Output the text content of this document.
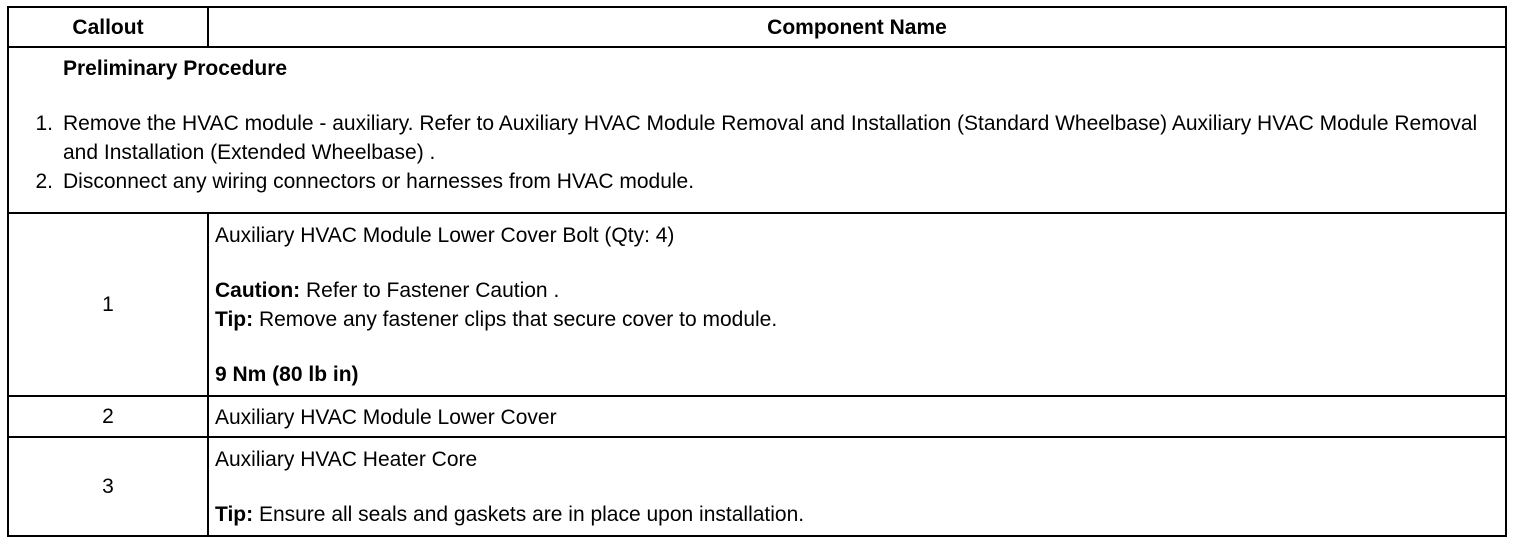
Callout	Component Name

Preliminary Procedure
1. Remove the HVAC module - auxiliary. Refer to Auxiliary HVAC Module Removal and Installation (Standard Wheelbase) Auxiliary HVAC Module Removal and Installation (Extended Wheelbase) .
2. Disconnect any wiring connectors or harnesses from HVAC module.	

1	Auxiliary HVAC Module Lower Cover Bolt (Qty: 4)
Caution: Refer to Fastener Caution .
Tip: Remove any fastener clips that secure cover to module.
9 Nm (80 lb in)

2	Auxiliary HVAC Module Lower Cover

3	Auxiliary HVAC Heater Core
Tip: Ensure all seals and gaskets are in place upon installation.
